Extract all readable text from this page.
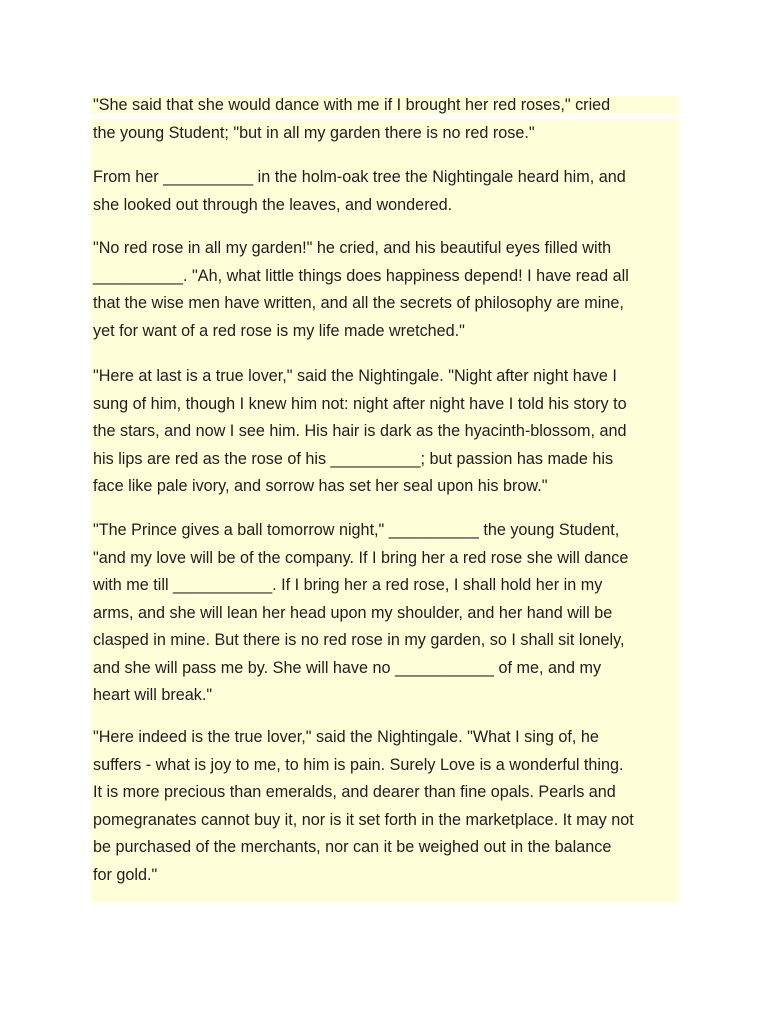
"She said that she would dance with me if I brought her red roses," cried
the young Student; "but in all my garden there is no red rose."

From her __________ in the holm-oak tree the Nightingale heard him, and
she looked out through the leaves, and wondered.

"No red rose in all my garden!" he cried, and his beautiful eyes filled with
__________. "Ah, what little things does happiness depend! I have read all
that the wise men have written, and all the secrets of philosophy are mine,
yet for want of a red rose is my life made wretched."

"Here at last is a true lover," said the Nightingale. "Night after night have I
sung of him, though I knew him not: night after night have I told his story to
the stars, and now I see him. His hair is dark as the hyacinth-blossom, and
his lips are red as the rose of his __________; but passion has made his
face like pale ivory, and sorrow has set her seal upon his brow."

"The Prince gives a ball tomorrow night," __________ the young Student,
"and my love will be of the company. If I bring her a red rose she will dance
with me till ___________. If I bring her a red rose, I shall hold her in my
arms, and she will lean her head upon my shoulder, and her hand will be
clasped in mine. But there is no red rose in my garden, so I shall sit lonely,
and she will pass me by. She will have no ___________ of me, and my
heart will break."

"Here indeed is the true lover," said the Nightingale. "What I sing of, he
suffers - what is joy to me, to him is pain. Surely Love is a wonderful thing.
It is more precious than emeralds, and dearer than fine opals. Pearls and
pomegranates cannot buy it, nor is it set forth in the marketplace. It may not
be purchased of the merchants, nor can it be weighed out in the balance
for gold."
